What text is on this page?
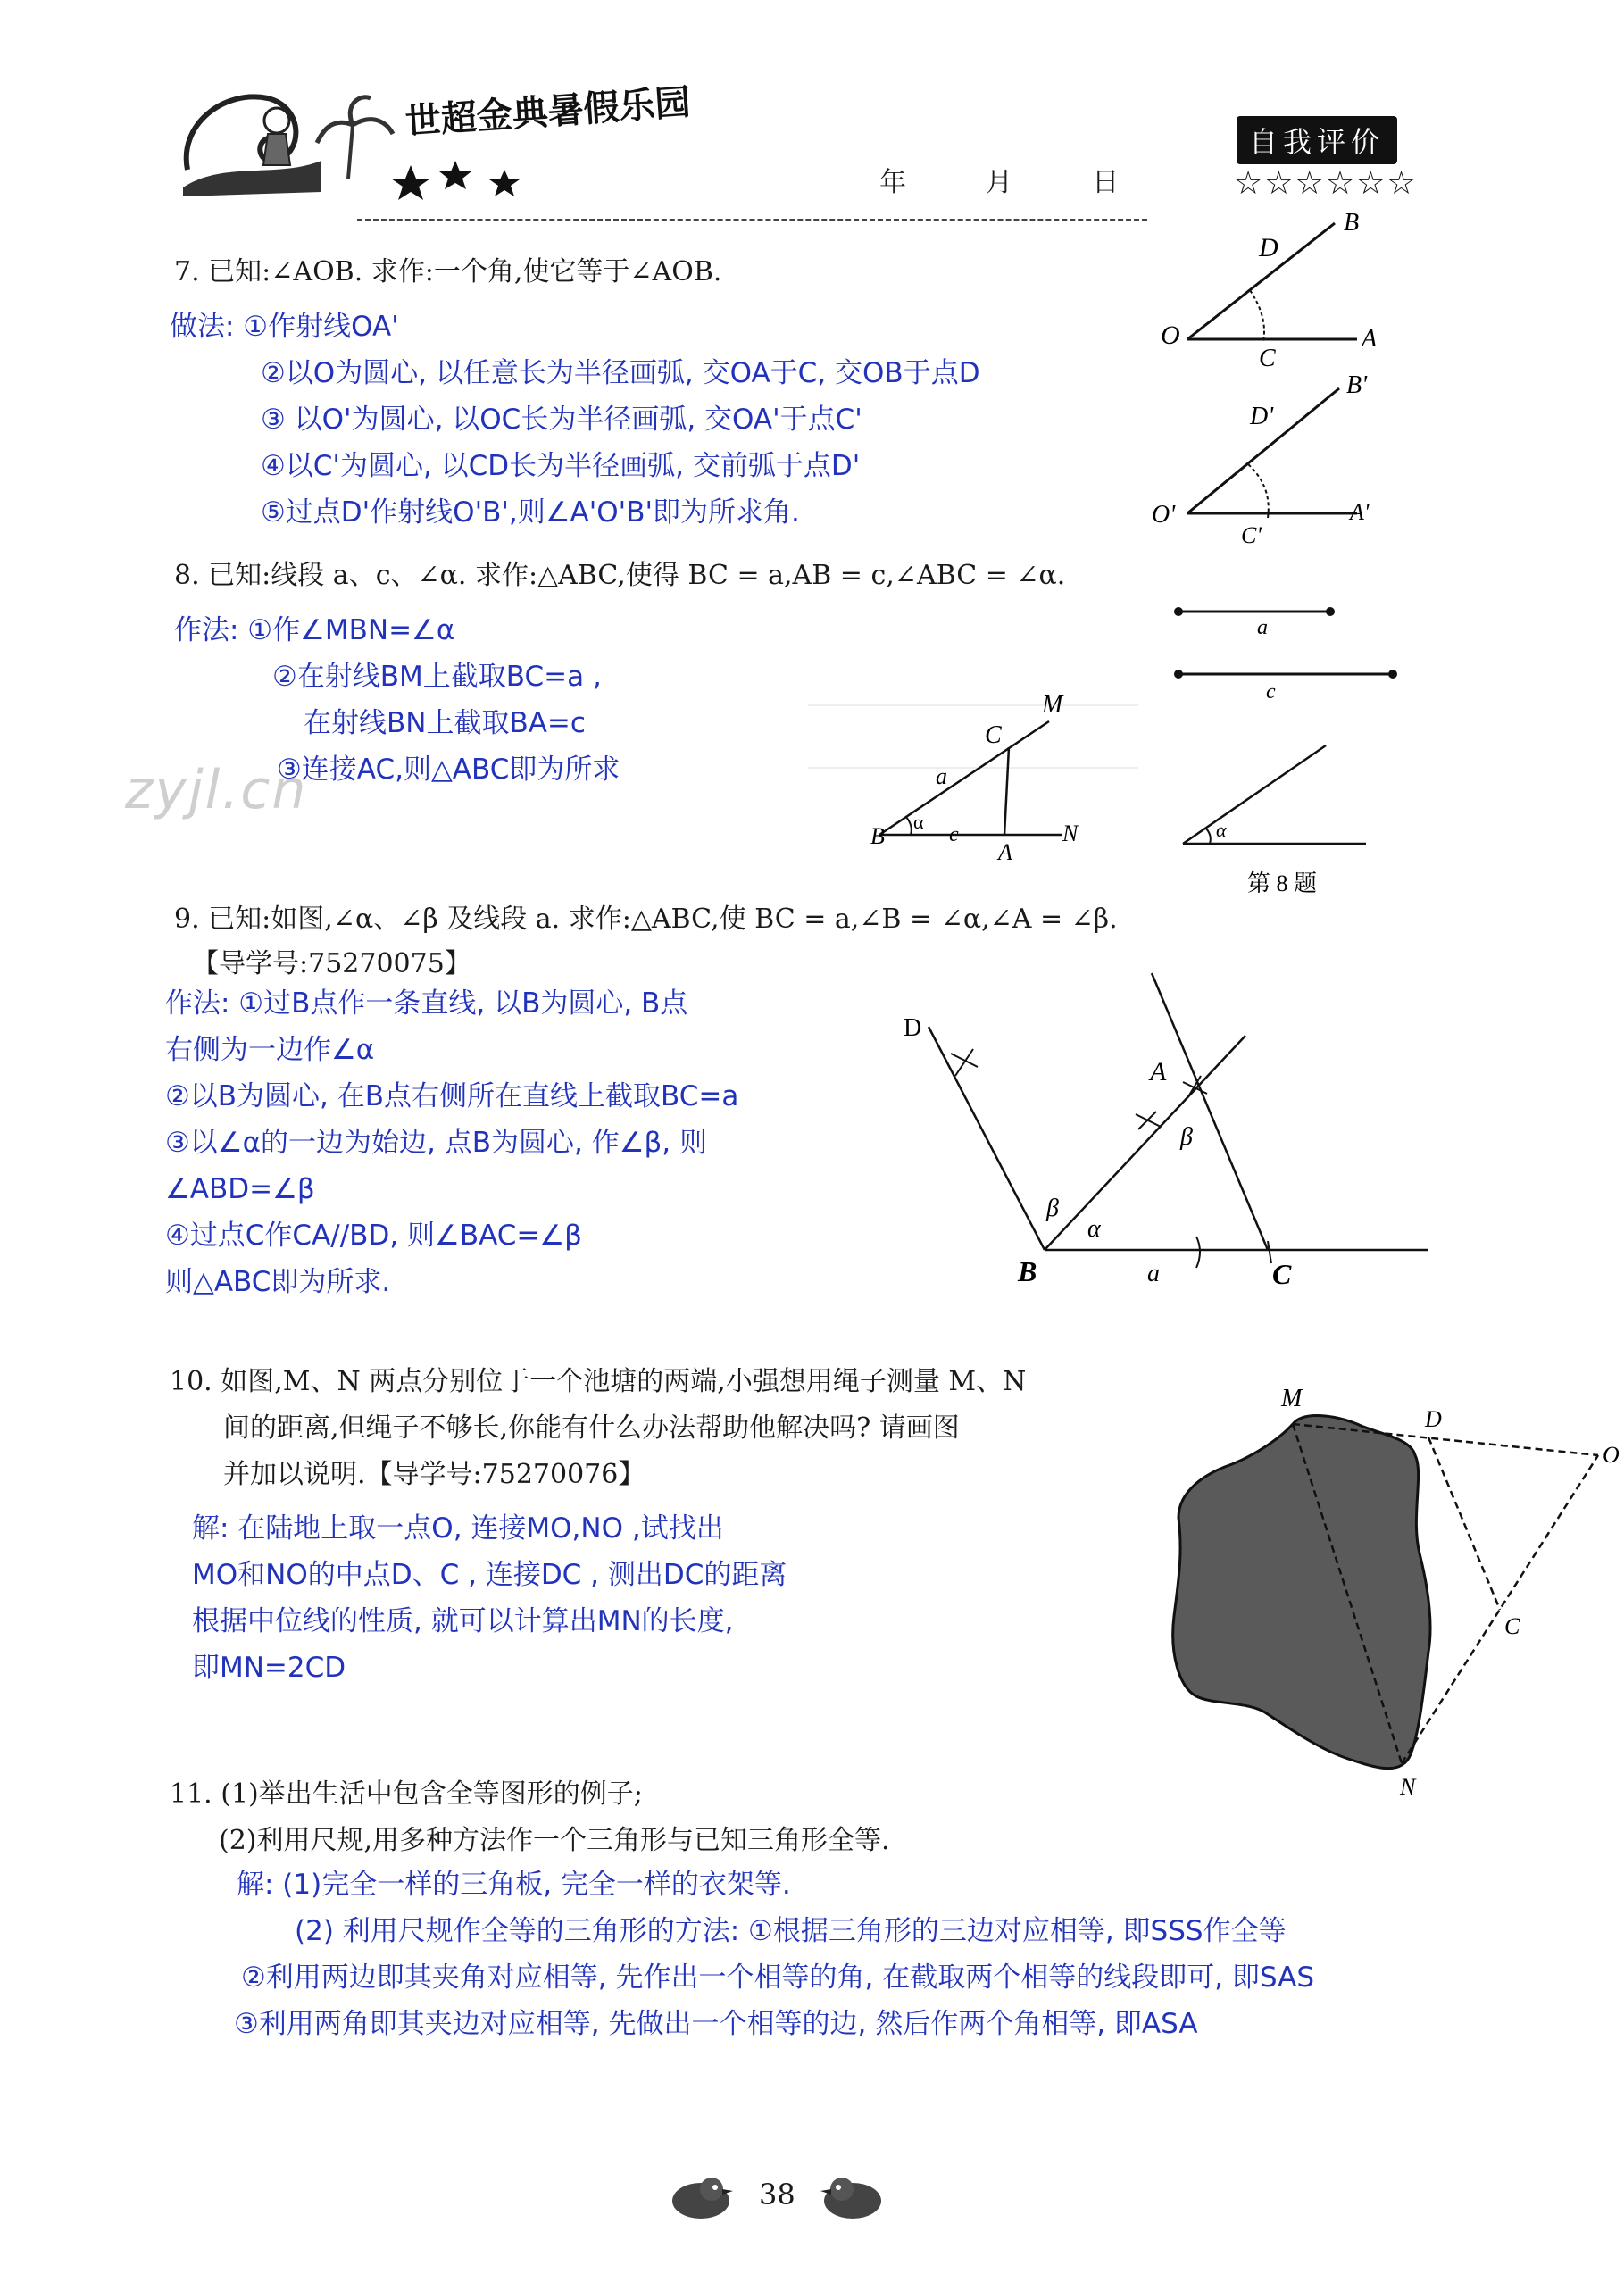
世超金典暑假乐园
年	月	日
自我评价
☆☆☆☆☆☆
7. 已知:∠AOB. 求作:一个角,使它等于∠AOB.
做法: ①作射线OA'
②以O为圆心, 以任意长为半径画弧, 交OA于C, 交OB于点D
③ 以O'为圆心, 以OC长为半径画弧, 交OA'于点C'
④以C'为圆心, 以CD长为半径画弧, 交前弧于点D'
⑤过点D'作射线O'B',则∠A'O'B'即为所求角.
D
B
O
C
A
D'
B'
O'
C'
A'
8. 已知:线段 a、c、∠α. 求作:△ABC,使得 BC = a,AB = c,∠ABC = ∠α.
作法: ①作∠MBN=∠α
②在射线BM上截取BC=a ,
在射线BN上截取BA=c
③连接AC,则△ABC即为所求
zyjl.cn
C
M
a
B
α
c
A
N
a
c
α
第 8 题
9. 已知:如图,∠α、∠β 及线段 a. 求作:△ABC,使 BC = a,∠B = ∠α,∠A = ∠β.
【导学号:75270075】
作法: ①过B点作一条直线, 以B为圆心, B点
右侧为一边作∠α
②以B为圆心, 在B点右侧所在直线上截取BC=a
③以∠α的一边为始边, 点B为圆心, 作∠β, 则
∠ABD=∠β
④过点C作CA//BD, 则∠BAC=∠β
则△ABC即为所求.
D
A
β
β
α
B	a	C
10. 如图,M、N 两点分别位于一个池塘的两端,小强想用绳子测量 M、N
间的距离,但绳子不够长,你能有什么办法帮助他解决吗? 请画图
并加以说明.【导学号:75270076】
解: 在陆地上取一点O, 连接MO,NO ,试找出
MO和NO的中点D、C , 连接DC , 测出DC的距离
根据中位线的性质, 就可以计算出MN的长度,
即MN=2CD
M
D
O
C
N
11. (1)举出生活中包含全等图形的例子;
(2)利用尺规,用多种方法作一个三角形与已知三角形全等.
解: (1)完全一样的三角板, 完全一样的衣架等.
(2) 利用尺规作全等的三角形的方法: ①根据三角形的三边对应相等, 即SSS作全等
②利用两边即其夹角对应相等, 先作出一个相等的角, 在截取两个相等的线段即可, 即SAS
③利用两角即其夹边对应相等, 先做出一个相等的边, 然后作两个角相等, 即ASA
38
